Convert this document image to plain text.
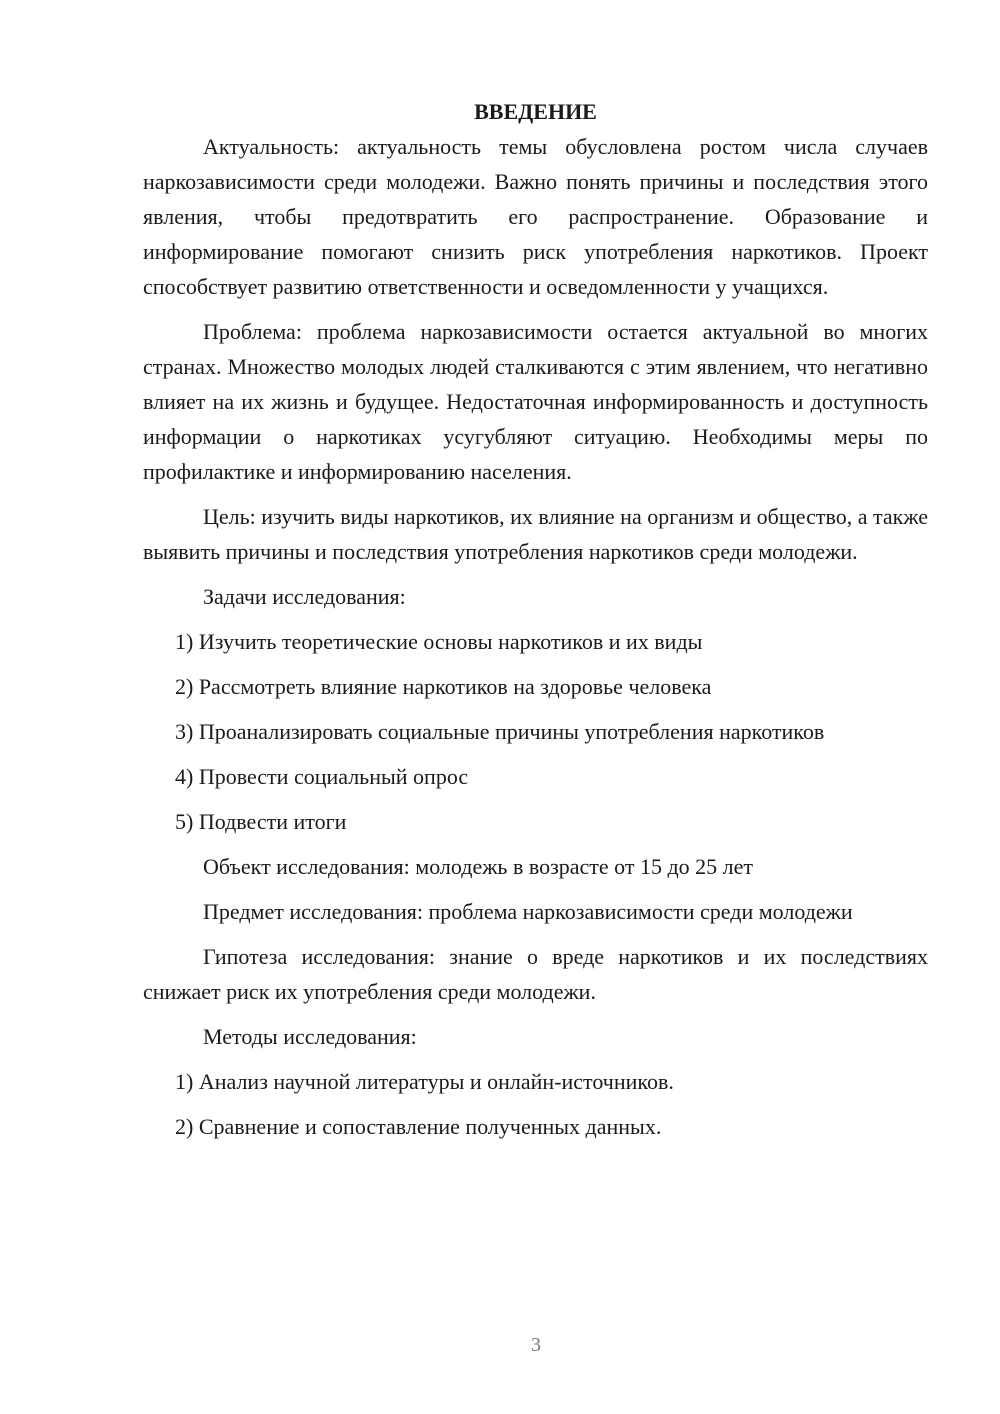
ВВЕДЕНИЕ

Актуальность: актуальность темы обусловлена ростом числа случаев наркозависимости среди молодежи. Важно понять причины и последствия этого явления, чтобы предотвратить его распространение. Образование и информирование помогают снизить риск употребления наркотиков. Проект способствует развитию ответственности и осведомленности у учащихся.

Проблема: проблема наркозависимости остается актуальной во многих странах. Множество молодых людей сталкиваются с этим явлением, что негативно влияет на их жизнь и будущее. Недостаточная информированность и доступность информации о наркотиках усугубляют ситуацию. Необходимы меры по профилактике и информированию населения.

Цель: изучить виды наркотиков, их влияние на организм и общество, а также выявить причины и последствия употребления наркотиков среди молодежи.

Задачи исследования:

1) Изучить теоретические основы наркотиков и их виды
2) Рассмотреть влияние наркотиков на здоровье человека
3) Проанализировать социальные причины употребления наркотиков
4) Провести социальный опрос
5) Подвести итоги

Объект исследования: молодежь в возрасте от 15 до 25 лет

Предмет исследования: проблема наркозависимости среди молодежи

Гипотеза исследования: знание о вреде наркотиков и их последствиях снижает риск их употребления среди молодежи.

Методы исследования:

1) Анализ научной литературы и онлайн-источников.
2) Сравнение и сопоставление полученных данных.
3
